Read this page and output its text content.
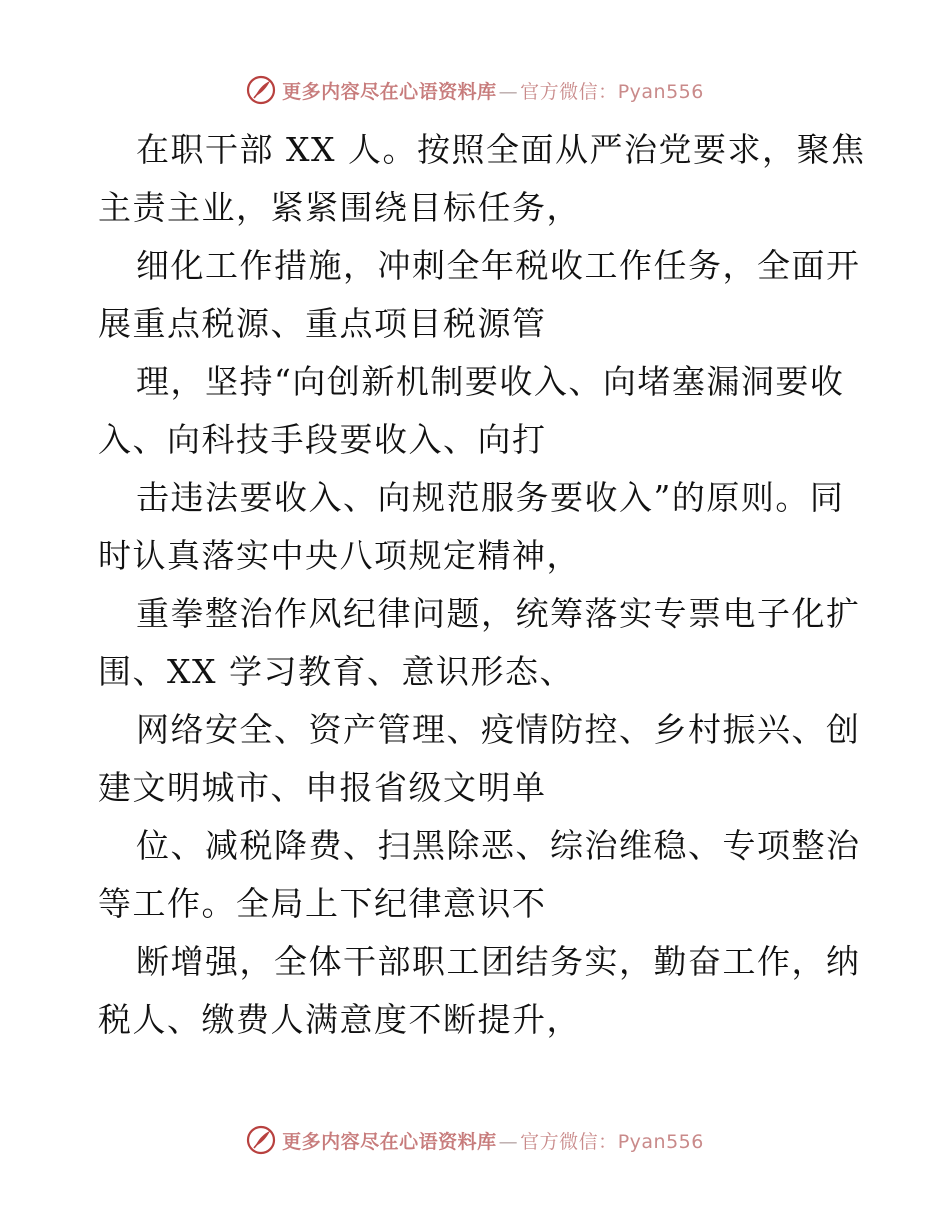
更多内容尽在心语资料库 — 官方微信：Pyan556

在职干部 XX 人。按照全面从严治党要求，聚焦
主责主业，紧紧围绕目标任务，

细化工作措施，冲刺全年税收工作任务，全面开
展重点税源、重点项目税源管

理，坚持“向创新机制要收入、向堵塞漏洞要收
入、向科技手段要收入、向打

击违法要收入、向规范服务要收入”的原则。同
时认真落实中央八项规定精神，

重拳整治作风纪律问题，统筹落实专票电子化扩
围、XX 学习教育、意识形态、

网络安全、资产管理、疫情防控、乡村振兴、创
建文明城市、申报省级文明单

位、减税降费、扫黑除恶、综治维稳、专项整治
等工作。全局上下纪律意识不

断增强，全体干部职工团结务实，勤奋工作，纳
税人、缴费人满意度不断提升，

更多内容尽在心语资料库 — 官方微信：Pyan556
